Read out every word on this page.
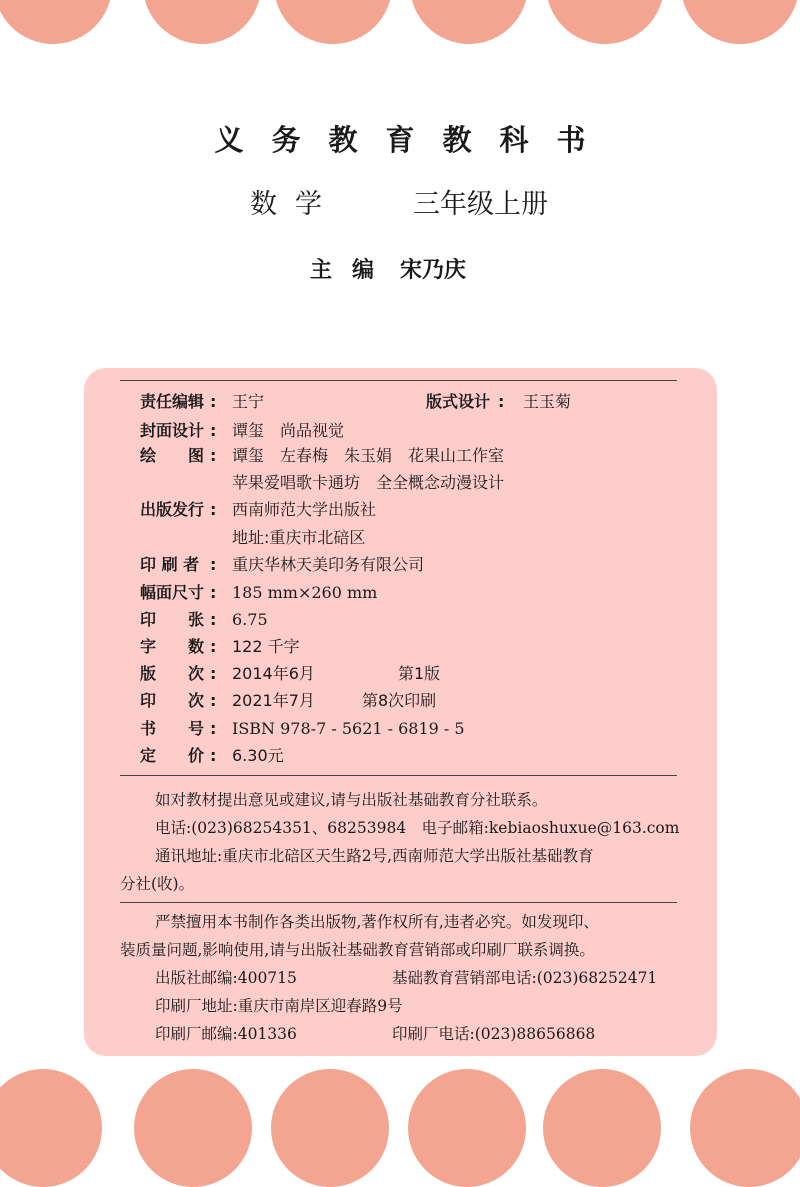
义务教育教科书
数学	三年级上册
主编 宋乃庆
责任编辑 : 王宁	版式设计 : 王玉菊
封面设计 : 谭玺　尚品视觉
绘　　图 : 谭玺　左春梅　朱玉娟　花果山工作室
苹果爱唱歌卡通坊　全全概念动漫设计
出版发行 : 西南师范大学出版社
地址:重庆市北碚区
印 刷 者 : 重庆华林天美印务有限公司
幅面尺寸 : 185 mm×260 mm
印　　张 : 6.75
字　　数 : 122 千字
版　　次 : 2014年6月	第1版
印　　次 : 2021年7月	第8次印刷
书　　号 : ISBN 978-7 - 5621 - 6819 - 5
定　　价 : 6.30元
如对教材提出意见或建议,请与出版社基础教育分社联系。
电话:(023)68254351、68253984　电子邮箱:kebiaoshuxue@163.com
通讯地址:重庆市北碚区天生路2号,西南师范大学出版社基础教育
分社(收)。
严禁擅用本书制作各类出版物,著作权所有,违者必究。如发现印、
装质量问题,影响使用,请与出版社基础教育营销部或印刷厂联系调换。
出版社邮编:400715	基础教育营销部电话:(023)68252471
印刷厂地址:重庆市南岸区迎春路9号
印刷厂邮编:401336	印刷厂电话:(023)88656868
